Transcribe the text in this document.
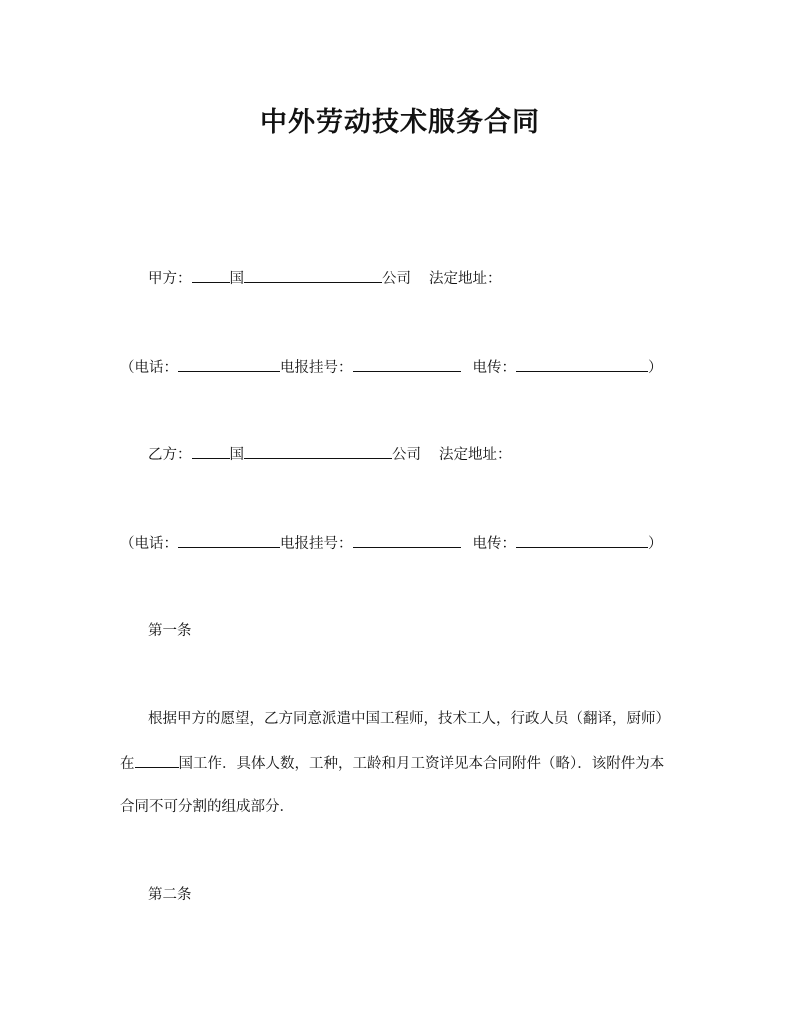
中外劳动技术服务合同
甲方：	国	公司 法定地址：
（电话：	电报挂号：	电传：	）
乙方：	国	公司 法定地址：
（电话：	电报挂号：	电传：	）
第一条
根据甲方的愿望，乙方同意派遣中国工程师，技术工人，行政人员（翻译，厨师）
在	国工作．具体人数，工种，工龄和月工资详见本合同附件（略）．该附件为本
合同不可分割的组成部分．
第二条
